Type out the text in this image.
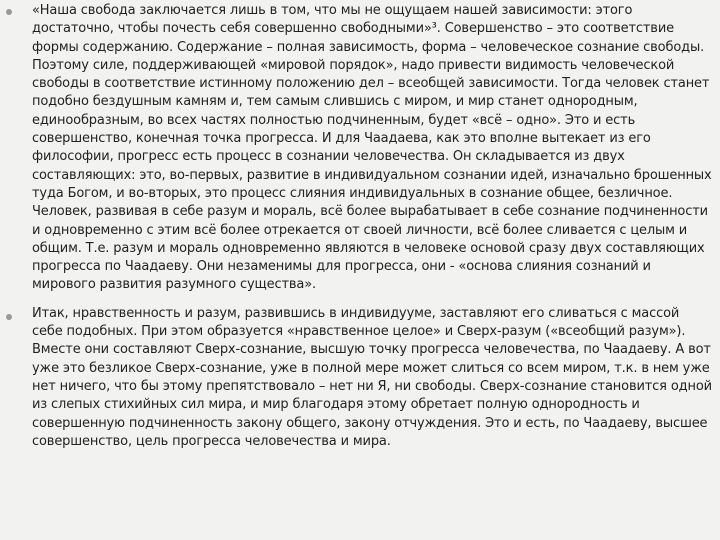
«Наша свобода заключается лишь в том, что мы не ощущаем нашей зависимости: этого достаточно, чтобы почесть себя совершенно свободными»³. Совершенство – это соответствие формы содержанию. Содержание – полная зависимость, форма – человеческое сознание свободы. Поэтому силе, поддерживающей «мировой порядок», надо привести видимость человеческой свободы в соответствие истинному положению дел – всеобщей зависимости. Тогда человек станет подобно бездушным камням и, тем самым слившись с миром, и мир станет однородным, единообразным, во всех частях полностью подчиненным, будет «всё – одно». Это и есть совершенство, конечная точка прогресса. И для Чаадаева, как это вполне вытекает из его философии, прогресс есть процесс в сознании человечества. Он складывается из двух составляющих: это, во-первых, развитие в индивидуальном сознании идей, изначально брошенных туда Богом, и во-вторых, это процесс слияния индивидуальных в сознание общее, безличное.

Человек, развивая в себе разум и мораль, всё более вырабатывает в себе сознание подчиненности и одновременно с этим всё более отрекается от своей личности, всё более сливается с целым и общим. Т.е. разум и мораль одновременно являются в человеке основой сразу двух составляющих прогресса по Чаадаеву. Они незаменимы для прогресса, они - «основа слияния сознаний и мирового развития разумного существа».

Итак, нравственность и разум, развившись в индивидууме, заставляют его сливаться с массой себе подобных. При этом образуется «нравственное целое» и Сверх-разум («всеобщий разум»). Вместе они составляют Сверх-сознание, высшую точку прогресса человечества, по Чаадаеву. А вот уже это безликое Сверх-сознание, уже в полной мере может слиться со всем миром, т.к. в нем уже нет ничего, что бы этому препятствовало – нет ни Я, ни свободы. Сверх-сознание становится одной из слепых стихийных сил мира, и мир благодаря этому обретает полную однородность и совершенную подчиненность закону общего, закону отчуждения. Это и есть, по Чаадаеву, высшее совершенство, цель прогресса человечества и мира.
